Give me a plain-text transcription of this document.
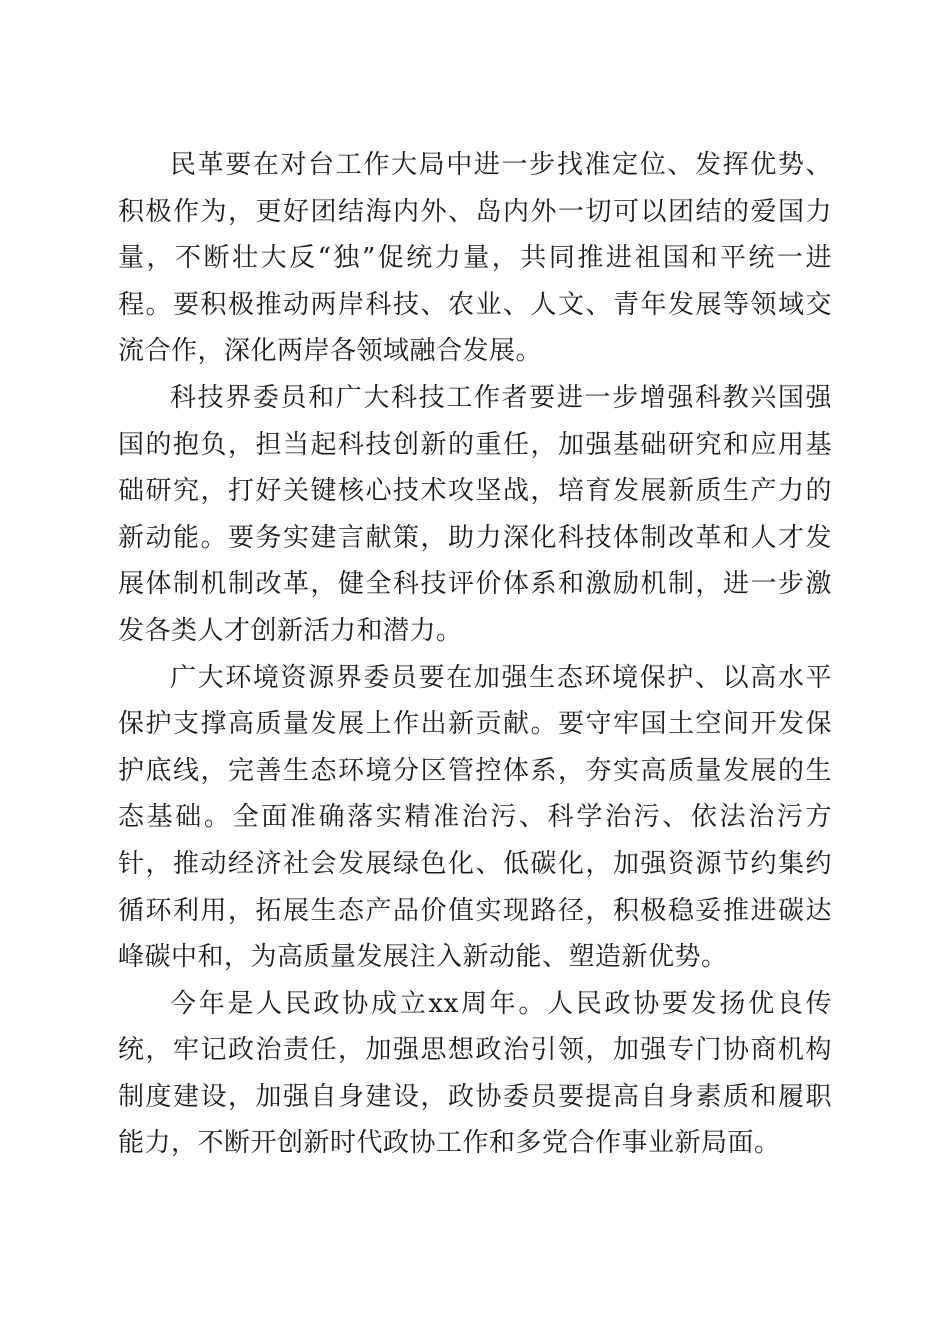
民革要在对台工作大局中进一步找准定位、发挥优势、积极作为，更好团结海内外、岛内外一切可以团结的爱国力量，不断壮大反“独”促统力量，共同推进祖国和平统一进程。要积极推动两岸科技、农业、人文、青年发展等领域交流合作，深化两岸各领域融合发展。

科技界委员和广大科技工作者要进一步增强科教兴国强国的抱负，担当起科技创新的重任，加强基础研究和应用基础研究，打好关键核心技术攻坚战，培育发展新质生产力的新动能。要务实建言献策，助力深化科技体制改革和人才发展体制机制改革，健全科技评价体系和激励机制，进一步激发各类人才创新活力和潜力。

广大环境资源界委员要在加强生态环境保护、以高水平保护支撑高质量发展上作出新贡献。要守牢国土空间开发保护底线，完善生态环境分区管控体系，夯实高质量发展的生态基础。全面准确落实精准治污、科学治污、依法治污方针，推动经济社会发展绿色化、低碳化，加强资源节约集约循环利用，拓展生态产品价值实现路径，积极稳妥推进碳达峰碳中和，为高质量发展注入新动能、塑造新优势。

今年是人民政协成立xx周年。人民政协要发扬优良传统，牢记政治责任，加强思想政治引领，加强专门协商机构制度建设，加强自身建设，政协委员要提高自身素质和履职能力，不断开创新时代政协工作和多党合作事业新局面。
